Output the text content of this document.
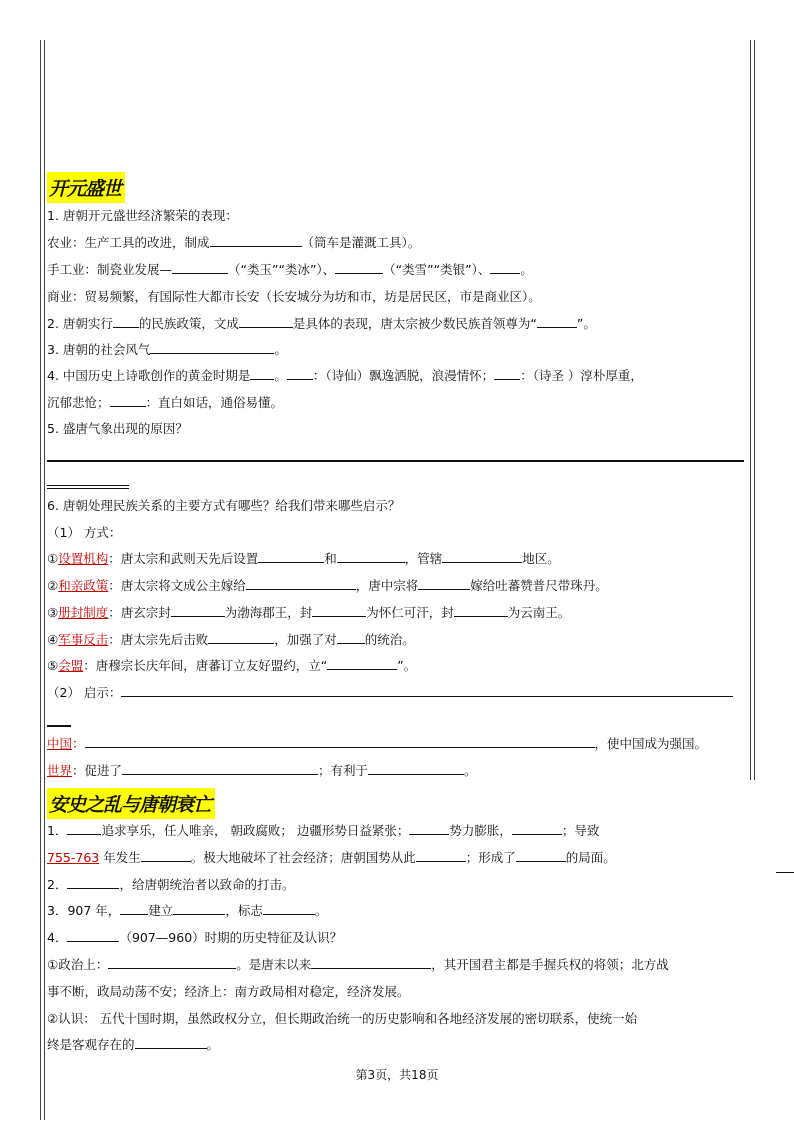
开元盛世
1. 唐朝开元盛世经济繁荣的表现：
农业：生产工具的改进，制成	（筒车是灌溉工具）。
手工业：制瓷业发展—	（“类玉”“类冰”）、	（“类雪”“类银”）、 。
商业：贸易频繁，有国际性大都市长安（长安城分为坊和市，坊是居民区，市是商业区）。
2. 唐朝实行 的民族政策，文成	是具体的表现，唐太宗被少数民族首领尊为“	”。
3. 唐朝的社会风气	。
4. 中国历史上诗歌创作的黄金时期是 。 ：（诗仙）飘逸洒脱，浪漫情怀； ：（诗圣 ）淳朴厚重，
沉郁悲怆；	：直白如话，通俗易懂。
5. 盛唐气象出现的原因？
6. 唐朝处理民族关系的主要方式有哪些？给我们带来哪些启示？
（1） 方式：
①设置机构：唐太宗和武则天先后设置	和	，管辖	地区。
②和亲政策：唐太宗将文成公主嫁给	，唐中宗将	嫁给吐蕃赞普尺带珠丹。
③册封制度：唐玄宗封	为渤海郡王，封	为怀仁可汗，封	为云南王。
④军事反击：唐太宗先后击败	，加强了对 的统治。
⑤会盟：唐穆宗长庆年间，唐蕃订立友好盟约，立“	”。
（2） 启示：
中国：	，使中国成为强国。
世界：促进了	；有利于	。
安史之乱与唐朝衰亡
1．	追求享乐，任人唯亲， 朝政腐败； 边疆形势日益紧张；	势力膨胀，	；导致
755-763 年发生	。极大地破坏了社会经济；唐朝国势从此	；形成了	的局面。
2．	，给唐朝统治者以致命的打击。
3．907 年， 建立	，标志	。
4．	（907—960）时期的历史特征及认识？
①政治上：	。是唐末以来	，其开国君主都是手握兵权的将领；北方战
事不断，政局动荡不安；经济上：南方政局相对稳定，经济发展。
②认识： 五代十国时期，虽然政权分立，但长期政治统一的历史影响和各地经济发展的密切联系，使统一始
终是客观存在的	。
第3页，共18页
